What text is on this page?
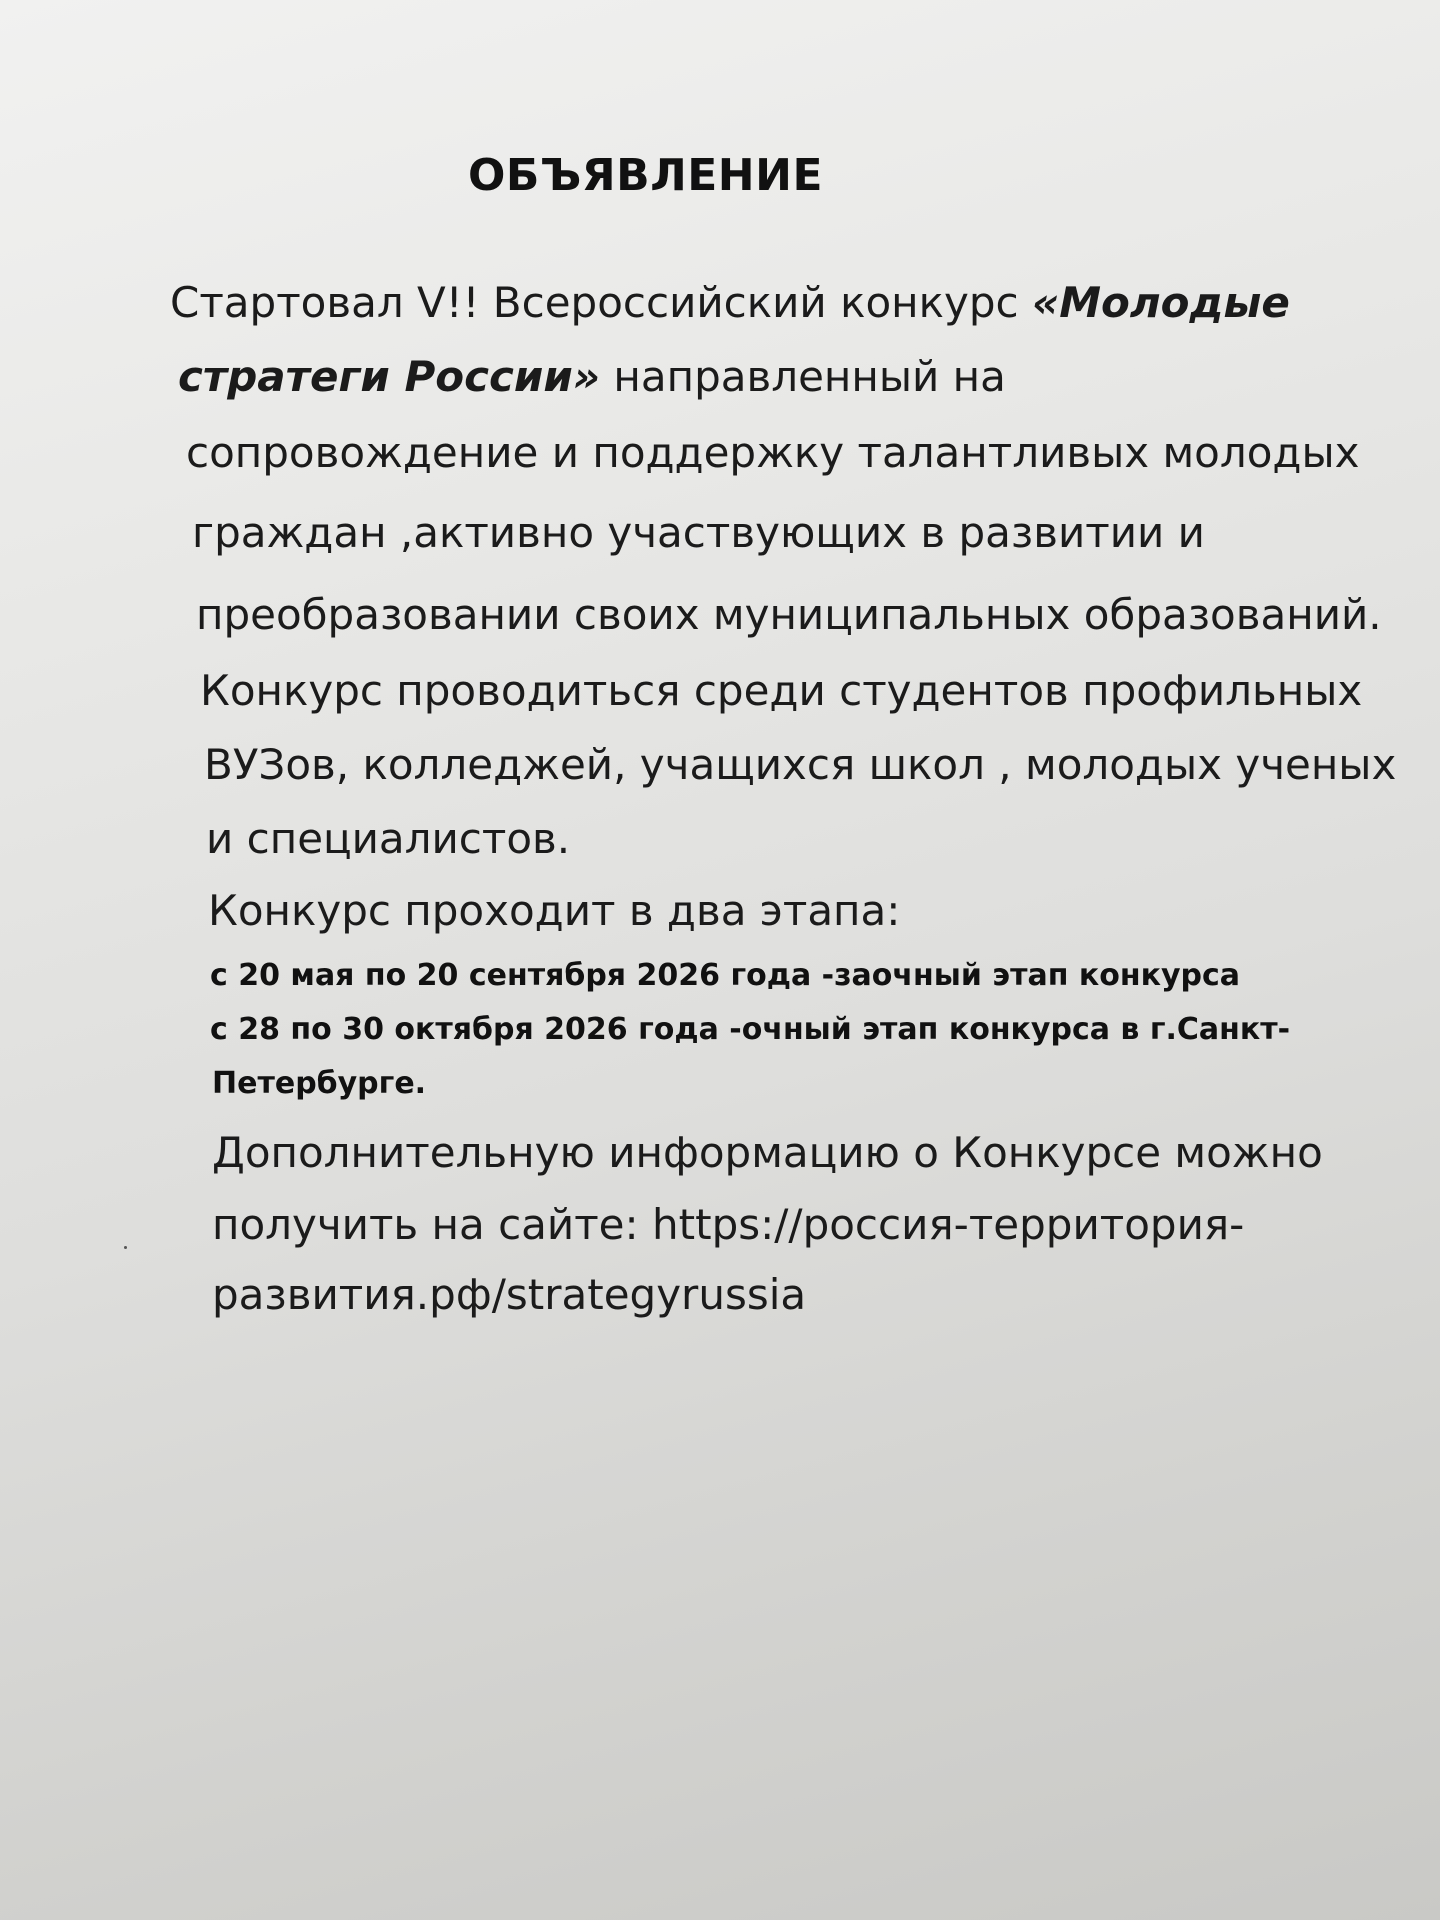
ОБЪЯВЛЕНИЕ
Стартовал V!! Всероссийский конкурс «Молодые
стратеги России» направленный на
сопровождение и поддержку талантливых молодых
граждан ,активно участвующих в развитии и
преобразовании своих муниципальных образований.
Конкурс проводиться среди студентов профильных
ВУЗов, колледжей, учащихся школ , молодых ученых
и специалистов.
Конкурс проходит в два этапа:
с 20 мая по 20 сентября 2026 года -заочный этап конкурса
с 28 по 30 октября 2026 года -очный этап конкурса в г.Санкт-
Петербурге.
Дополнительную информацию о Конкурсе можно
получить на сайте: https://россия-территория-
развития.рф/strategyrussia
